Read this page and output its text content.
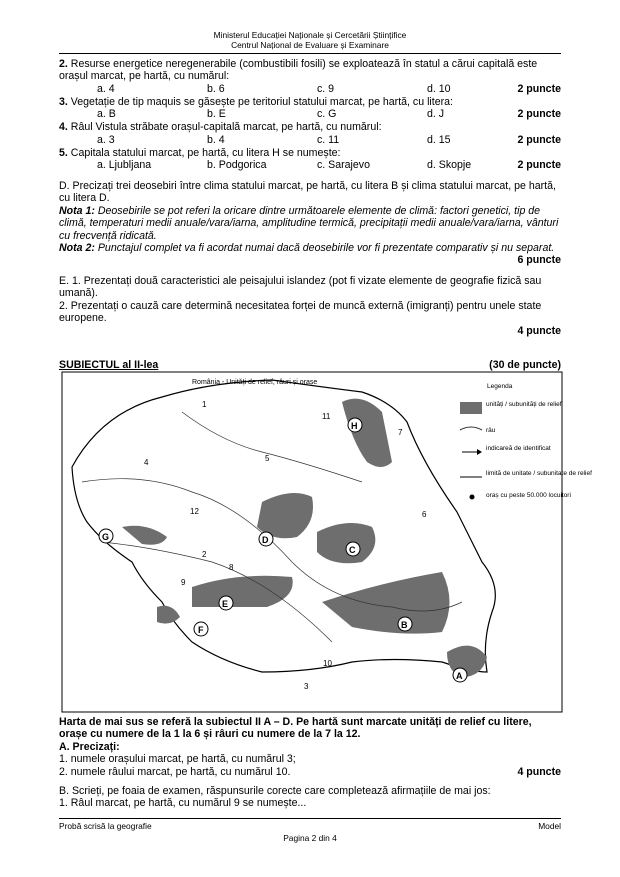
Ministerul Educației Naționale și Cercetării Științifice
Centrul Național de Evaluare și Examinare

2. Resurse energetice neregenerabile (combustibili fosili) se exploatează în statul a cărui capitală este orașul marcat, pe hartă, cu numărul:

a. 4	b. 6	c. 9	d. 10	2 puncte

3. Vegetație de tip maquis se găsește pe teritoriul statului marcat, pe hartă, cu litera:

a. B	b. E	c. G	d. J	2 puncte

4. Râul Vistula străbate orașul-capitală marcat, pe hartă, cu numărul:

a. 3	b. 4	c. 11	d. 15	2 puncte

5. Capitala statului marcat, pe hartă, cu litera H se numește:

a. Ljubljana	b. Podgorica	c. Sarajevo	d. Skopje	2 puncte

D. Precizați trei deosebiri între clima statului marcat, pe hartă, cu litera B și clima statului marcat, pe hartă, cu litera D.

Nota 1: Deosebirile se pot referi la oricare dintre următoarele elemente de climă: factori genetici, tip de climă, temperaturi medii anuale/vara/iarna, amplitudine termică, precipitații medii anuale/vara/iarna, vânturi cu frecvență ridicată.

Nota 2: Punctajul complet va fi acordat numai dacă deosebirile vor fi prezentate comparativ și nu separat.

6 puncte

E. 1. Prezentați două caracteristici ale peisajului islandez (pot fi vizate elemente de geografie fizică sau umană).

2. Prezentați o cauză care determină necesitatea forței de muncă externă (imigranți) pentru unele state europene.

4 puncte
SUBIECTUL al II-lea	(30 de puncte)
România - Unități de relief, râuri și orașe
H
D
C
E
B
A
G
F
1
2
3
4	5
6
7
8
9
10
11
12
Legenda
unități / subunități de relief
râu
indicareă de identificat
limită de unitate / subunitate de relief
oraș cu peste 50.000 locuitori

Harta de mai sus se referă la subiectul II A – D. Pe hartă sunt marcate unități de relief cu litere, orașe cu numere de la 1 la 6 și râuri cu numere de la 7 la 12.

A. Precizați:

1. numele orașului marcat, pe hartă, cu numărul 3;

2. numele râului marcat, pe hartă, cu numărul 10.	4 puncte

B. Scrieți, pe foaia de examen, răspunsurile corecte care completează afirmațiile de mai jos:

1. Râul marcat, pe hartă, cu numărul 9 se numește...

Probă scrisă la geografie	Model
Pagina 2 din 4
